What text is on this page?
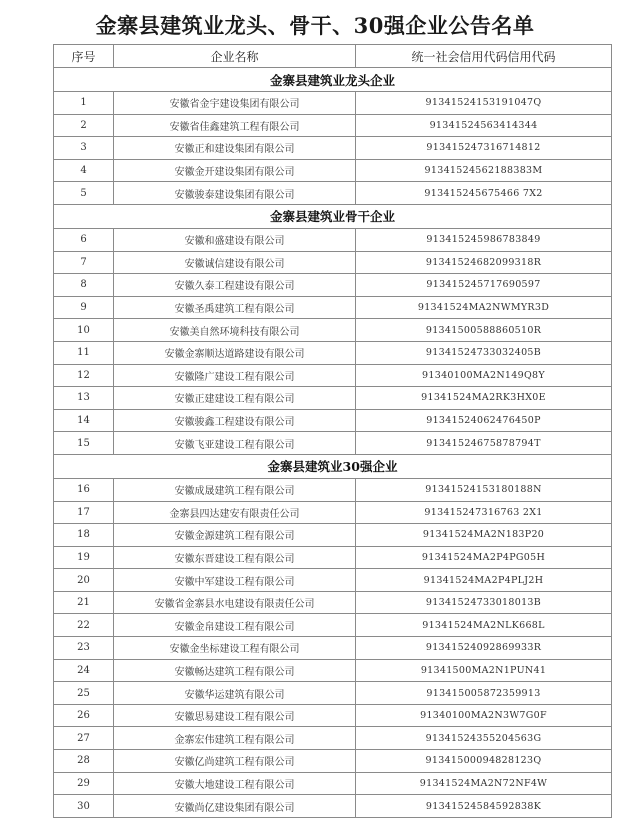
金寨县建筑业龙头、骨干、30强企业公告名单
序号	企业名称	统一社会信用代码信用代码
金寨县建筑业龙头企业		
1	安徽省金宇建设集团有限公司	91341524153191047Q
2	安徽省佳鑫建筑工程有限公司	91341524563414344
3	安徽正和建设集团有限公司	913415247316714812
4	安徽金开建设集团有限公司	91341524562188383M
5	安徽骏泰建设集团有限公司	913415245675466 7X2
金寨县建筑业骨干企业		
6	安徽和盛建设有限公司	913415245986783849
7	安徽诚信建设有限公司	91341524682099318R
8	安徽久泰工程建设有限公司	913415245717690597
9	安徽圣禹建筑工程有限公司	91341524MA2NWMYR3D
10	安徽美自然环境科技有限公司	91341500588860510R
11	安徽金寨顺达道路建设有限公司	91341524733032405B
12	安徽隆广建设工程有限公司	91340100MA2N149Q8Y
13	安徽正建建设工程有限公司	91341524MA2RK3HX0E
14	安徽骏鑫工程建设有限公司	91341524062476450P
15	安徽飞亚建设工程有限公司	91341524675878794T
金寨县建筑业30强企业		
16	安徽成晟建筑工程有限公司	91341524153180188N
17	金寨县四达建安有限责任公司	913415247316763 2X1
18	安徽金源建筑工程有限公司	91341524MA2N183P20
19	安徽东晋建设工程有限公司	91341524MA2P4PG05H
20	安徽中军建设工程有限公司	91341524MA2P4PLJ2H
21	安徽省金寨县水电建设有限责任公司	91341524733018013B
22	安徽金帛建设工程有限公司	91341524MA2NLK668L
23	安徽金坐标建设工程有限公司	91341524092869933R
24	安徽畅达建筑工程有限公司	91341500MA2N1PUN41
25	安徽华运建筑有限公司	913415005872359913
26	安徽思易建设工程有限公司	91340100MA2N3W7G0F
27	金寨宏伟建筑工程有限公司	91341524355204563G
28	安徽亿尚建筑工程有限公司	91341500094828123Q
29	安徽大地建设工程有限公司	91341524MA2N72NF4W
30	安徽尚亿建设集团有限公司	91341524584592838K
